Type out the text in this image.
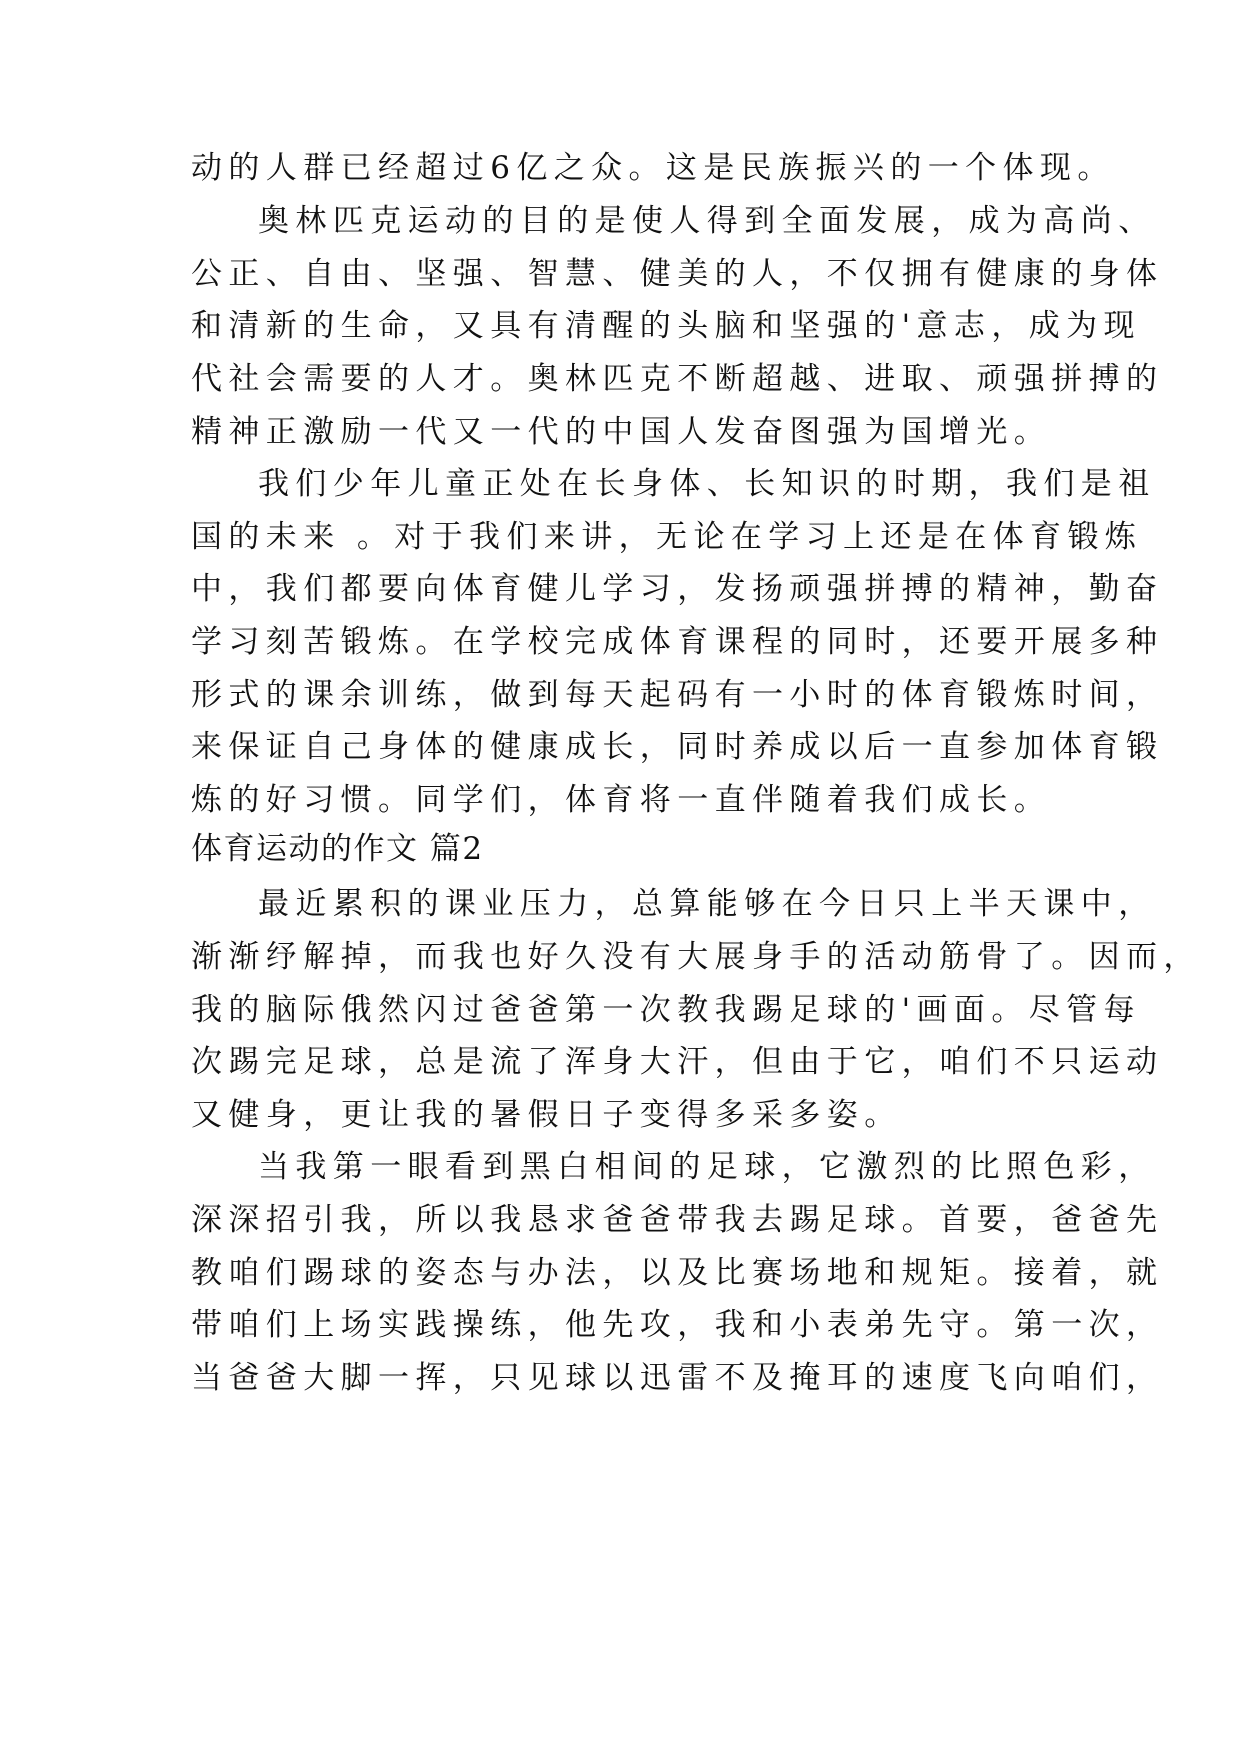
动的人群已经超过6亿之众。这是民族振兴的一个体现。
奥林匹克运动的目的是使人得到全面发展，成为高尚、
公正、自由、坚强、智慧、健美的人，不仅拥有健康的身体
和清新的生命，又具有清醒的头脑和坚强的'意志，成为现
代社会需要的人才。奥林匹克不断超越、进取、顽强拼搏的
精神正激励一代又一代的中国人发奋图强为国增光。
我们少年儿童正处在长身体、长知识的时期，我们是祖
国的未来 。对于我们来讲，无论在学习上还是在体育锻炼
中，我们都要向体育健儿学习，发扬顽强拼搏的精神，勤奋
学习刻苦锻炼。在学校完成体育课程的同时，还要开展多种
形式的课余训练，做到每天起码有一小时的体育锻炼时间，
来保证自己身体的健康成长，同时养成以后一直参加体育锻
炼的好习惯。同学们，体育将一直伴随着我们成长。
体育运动的作文 篇2
最近累积的课业压力，总算能够在今日只上半天课中，
渐渐纾解掉，而我也好久没有大展身手的活动筋骨了。因而，
我的脑际俄然闪过爸爸第一次教我踢足球的'画面。尽管每
次踢完足球，总是流了浑身大汗，但由于它，咱们不只运动
又健身，更让我的暑假日子变得多采多姿。
当我第一眼看到黑白相间的足球，它激烈的比照色彩，
深深招引我，所以我恳求爸爸带我去踢足球。首要，爸爸先
教咱们踢球的姿态与办法，以及比赛场地和规矩。接着，就
带咱们上场实践操练，他先攻，我和小表弟先守。第一次，
当爸爸大脚一挥，只见球以迅雷不及掩耳的速度飞向咱们，
